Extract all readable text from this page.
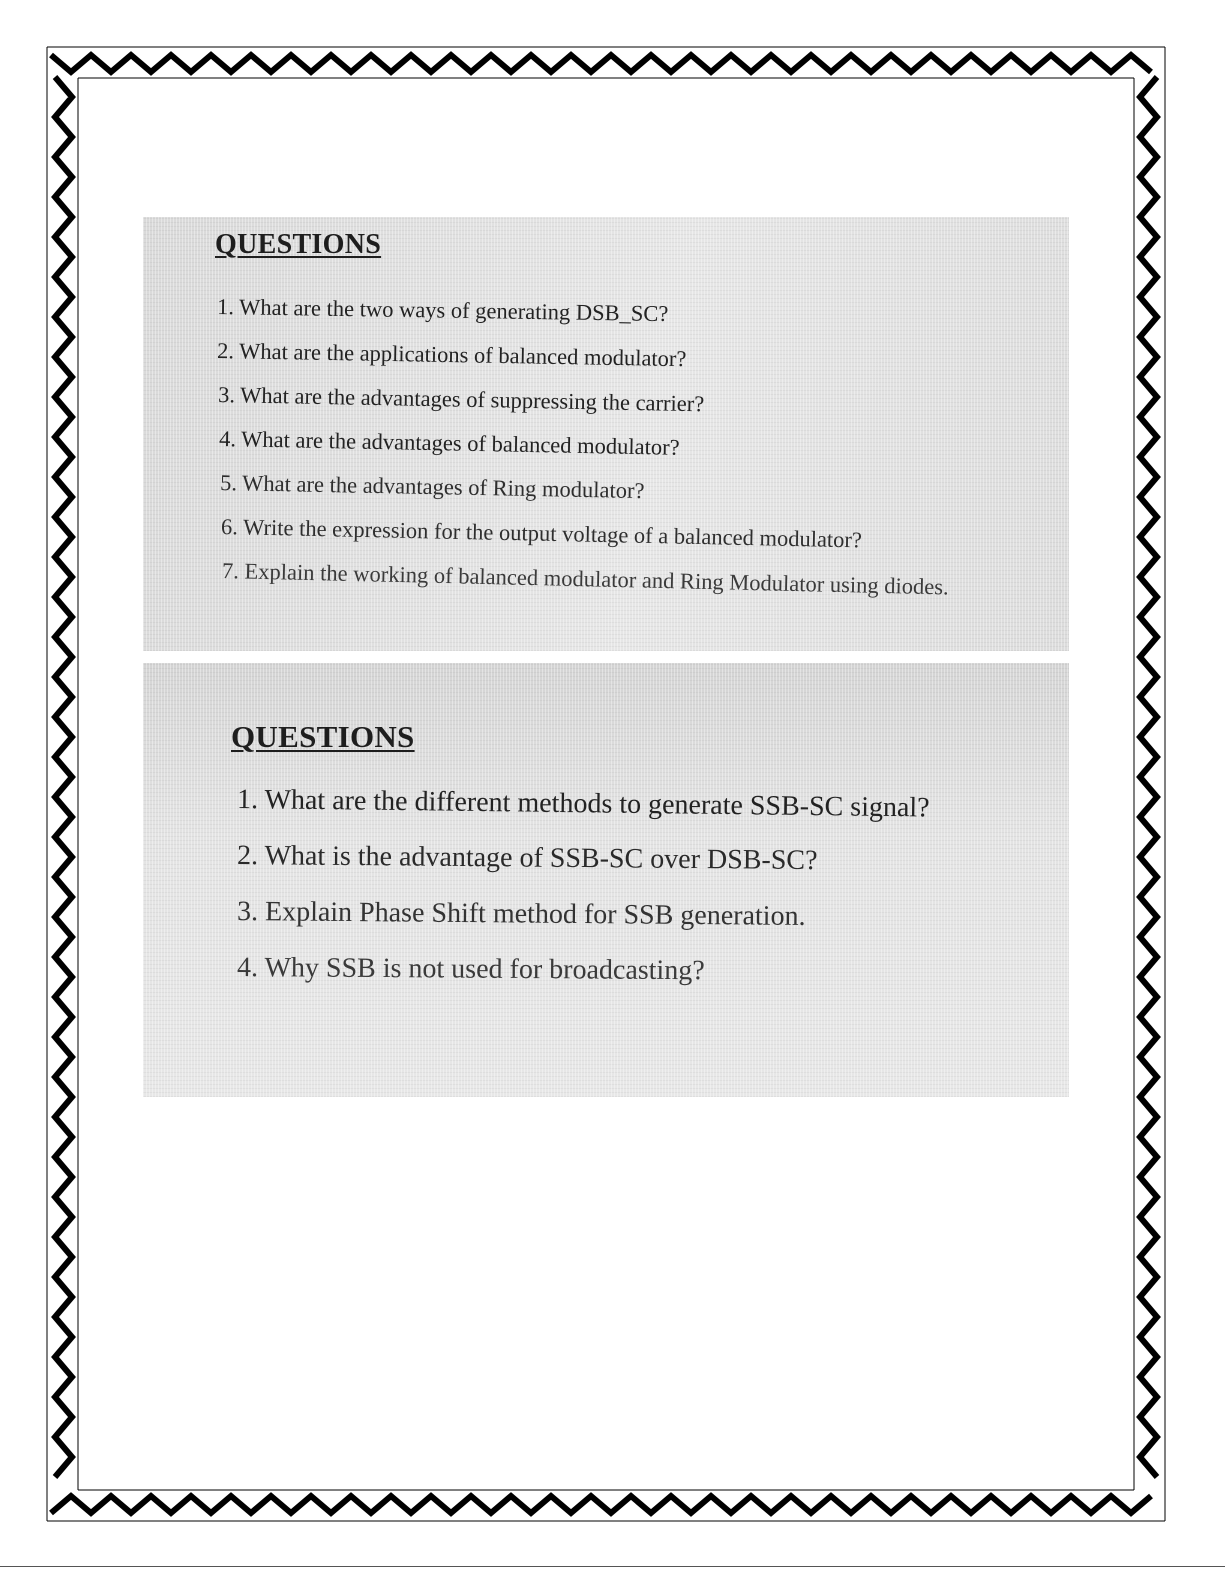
QUESTIONS
1. What are the two ways of generating DSB_SC?
2. What are the applications of balanced modulator?
3. What are the advantages of suppressing the carrier?
4. What are the advantages of balanced modulator?
5. What are the advantages of Ring modulator?
6. Write the expression for the output voltage of a balanced modulator?
7. Explain the working of balanced modulator and Ring Modulator using diodes.
QUESTIONS
1. What are the different methods to generate SSB-SC signal?
2. What is the advantage of SSB-SC over DSB-SC?
3. Explain Phase Shift method for SSB generation.
4. Why SSB is not used for broadcasting?
